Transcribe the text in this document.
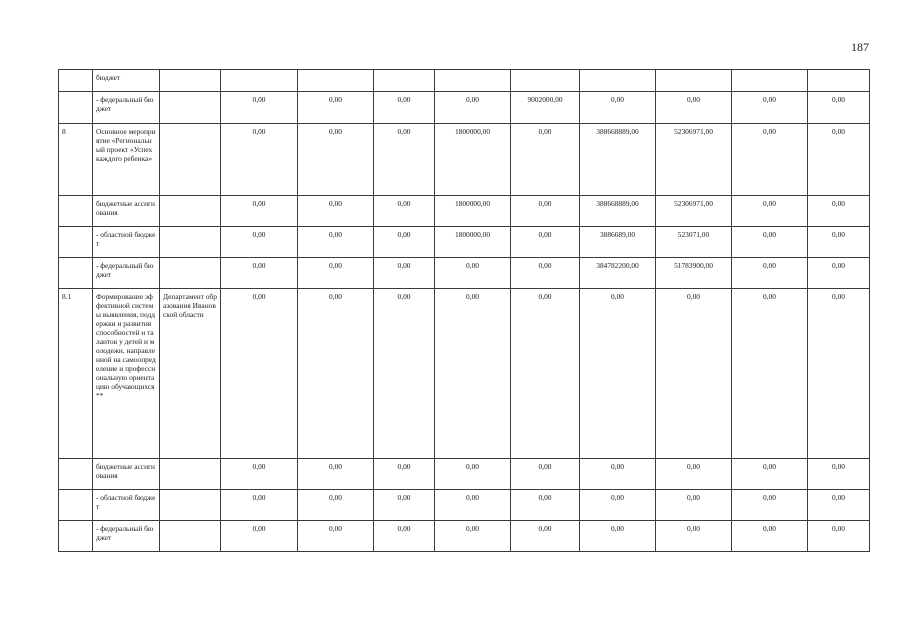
187
	бюджет										
	- федеральный бюджет		0,00	0,00	0,00	0,00	9002000,00	0,00	0,00	0,00	0,00
8	Основное мероприятие «Региональный проект «Успех каждого ребенка»		0,00	0,00	0,00	1800000,00	0,00	388668889,00	52306971,00	0,00	0,00
	бюджетные ассигнования		0,00	0,00	0,00	1800000,00	0,00	388668889,00	52306971,00	0,00	0,00
	- областной бюджет		0,00	0,00	0,00	1800000,00	0,00	3886689,00	523071,00	0,00	0,00
	- федеральный бюджет		0,00	0,00	0,00	0,00	0,00	384782200,00	51783900,00	0,00	0,00
8.1	Формирование эффективной системы выявления, поддержки и развития способностей и талантов у детей и молодежи, направленной на самоопределение и профессиональную ориентацию обучающихся **	Департамент образования Ивановской области	0,00	0,00	0,00	0,00	0,00	0,00	0,00	0,00	0,00
	бюджетные ассигнования		0,00	0,00	0,00	0,00	0,00	0,00	0,00	0,00	0,00
	- областной бюджет		0,00	0,00	0,00	0,00	0,00	0,00	0,00	0,00	0,00
	- федеральный бюджет		0,00	0,00	0,00	0,00	0,00	0,00	0,00	0,00	0,00
